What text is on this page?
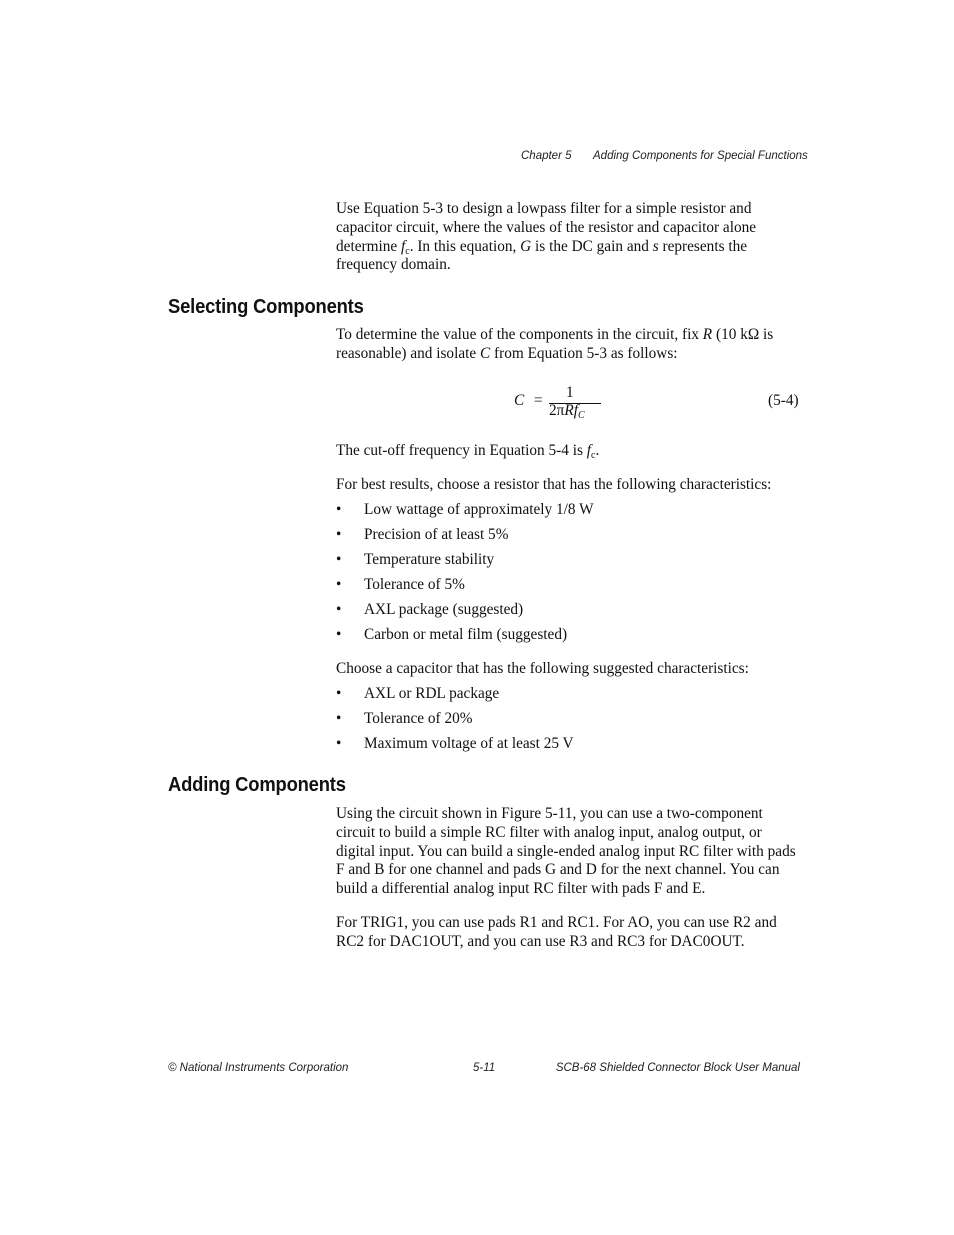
Chapter 5 Adding Components for Special Functions

Use Equation 5-3 to design a lowpass filter for a simple resistor and capacitor circuit, where the values of the resistor and capacitor alone determine $f_c$. In this equation, G is the DC gain and s represents the frequency domain.

Selecting Components

To determine the value of the components in the circuit, fix R (10 kΩ is reasonable) and isolate C from Equation 5-3 as follows:

C = 1
2πRf$_C$
(5-4)

The cut-off frequency in Equation 5-4 is $f_c$.

For best results, choose a resistor that has the following characteristics:

• Low wattage of approximately 1/8 W
• Precision of at least 5%
• Temperature stability
• Tolerance of 5%
• AXL package (suggested)
• Carbon or metal film (suggested)

Choose a capacitor that has the following suggested characteristics:

• AXL or RDL package
• Tolerance of 20%
• Maximum voltage of at least 25 V
Adding Components

Using the circuit shown in Figure 5-11, you can use a two-component circuit to build a simple RC filter with analog input, analog output, or digital input. You can build a single-ended analog input RC filter with pads F and B for one channel and pads G and D for the next channel. You can build a differential analog input RC filter with pads F and E.

For TRIG1, you can use pads R1 and RC1. For AO, you can use R2 and RC2 for DAC1OUT, and you can use R3 and RC3 for DAC0OUT.

© National Instruments Corporation	5-11	SCB-68 Shielded Connector Block User Manual
